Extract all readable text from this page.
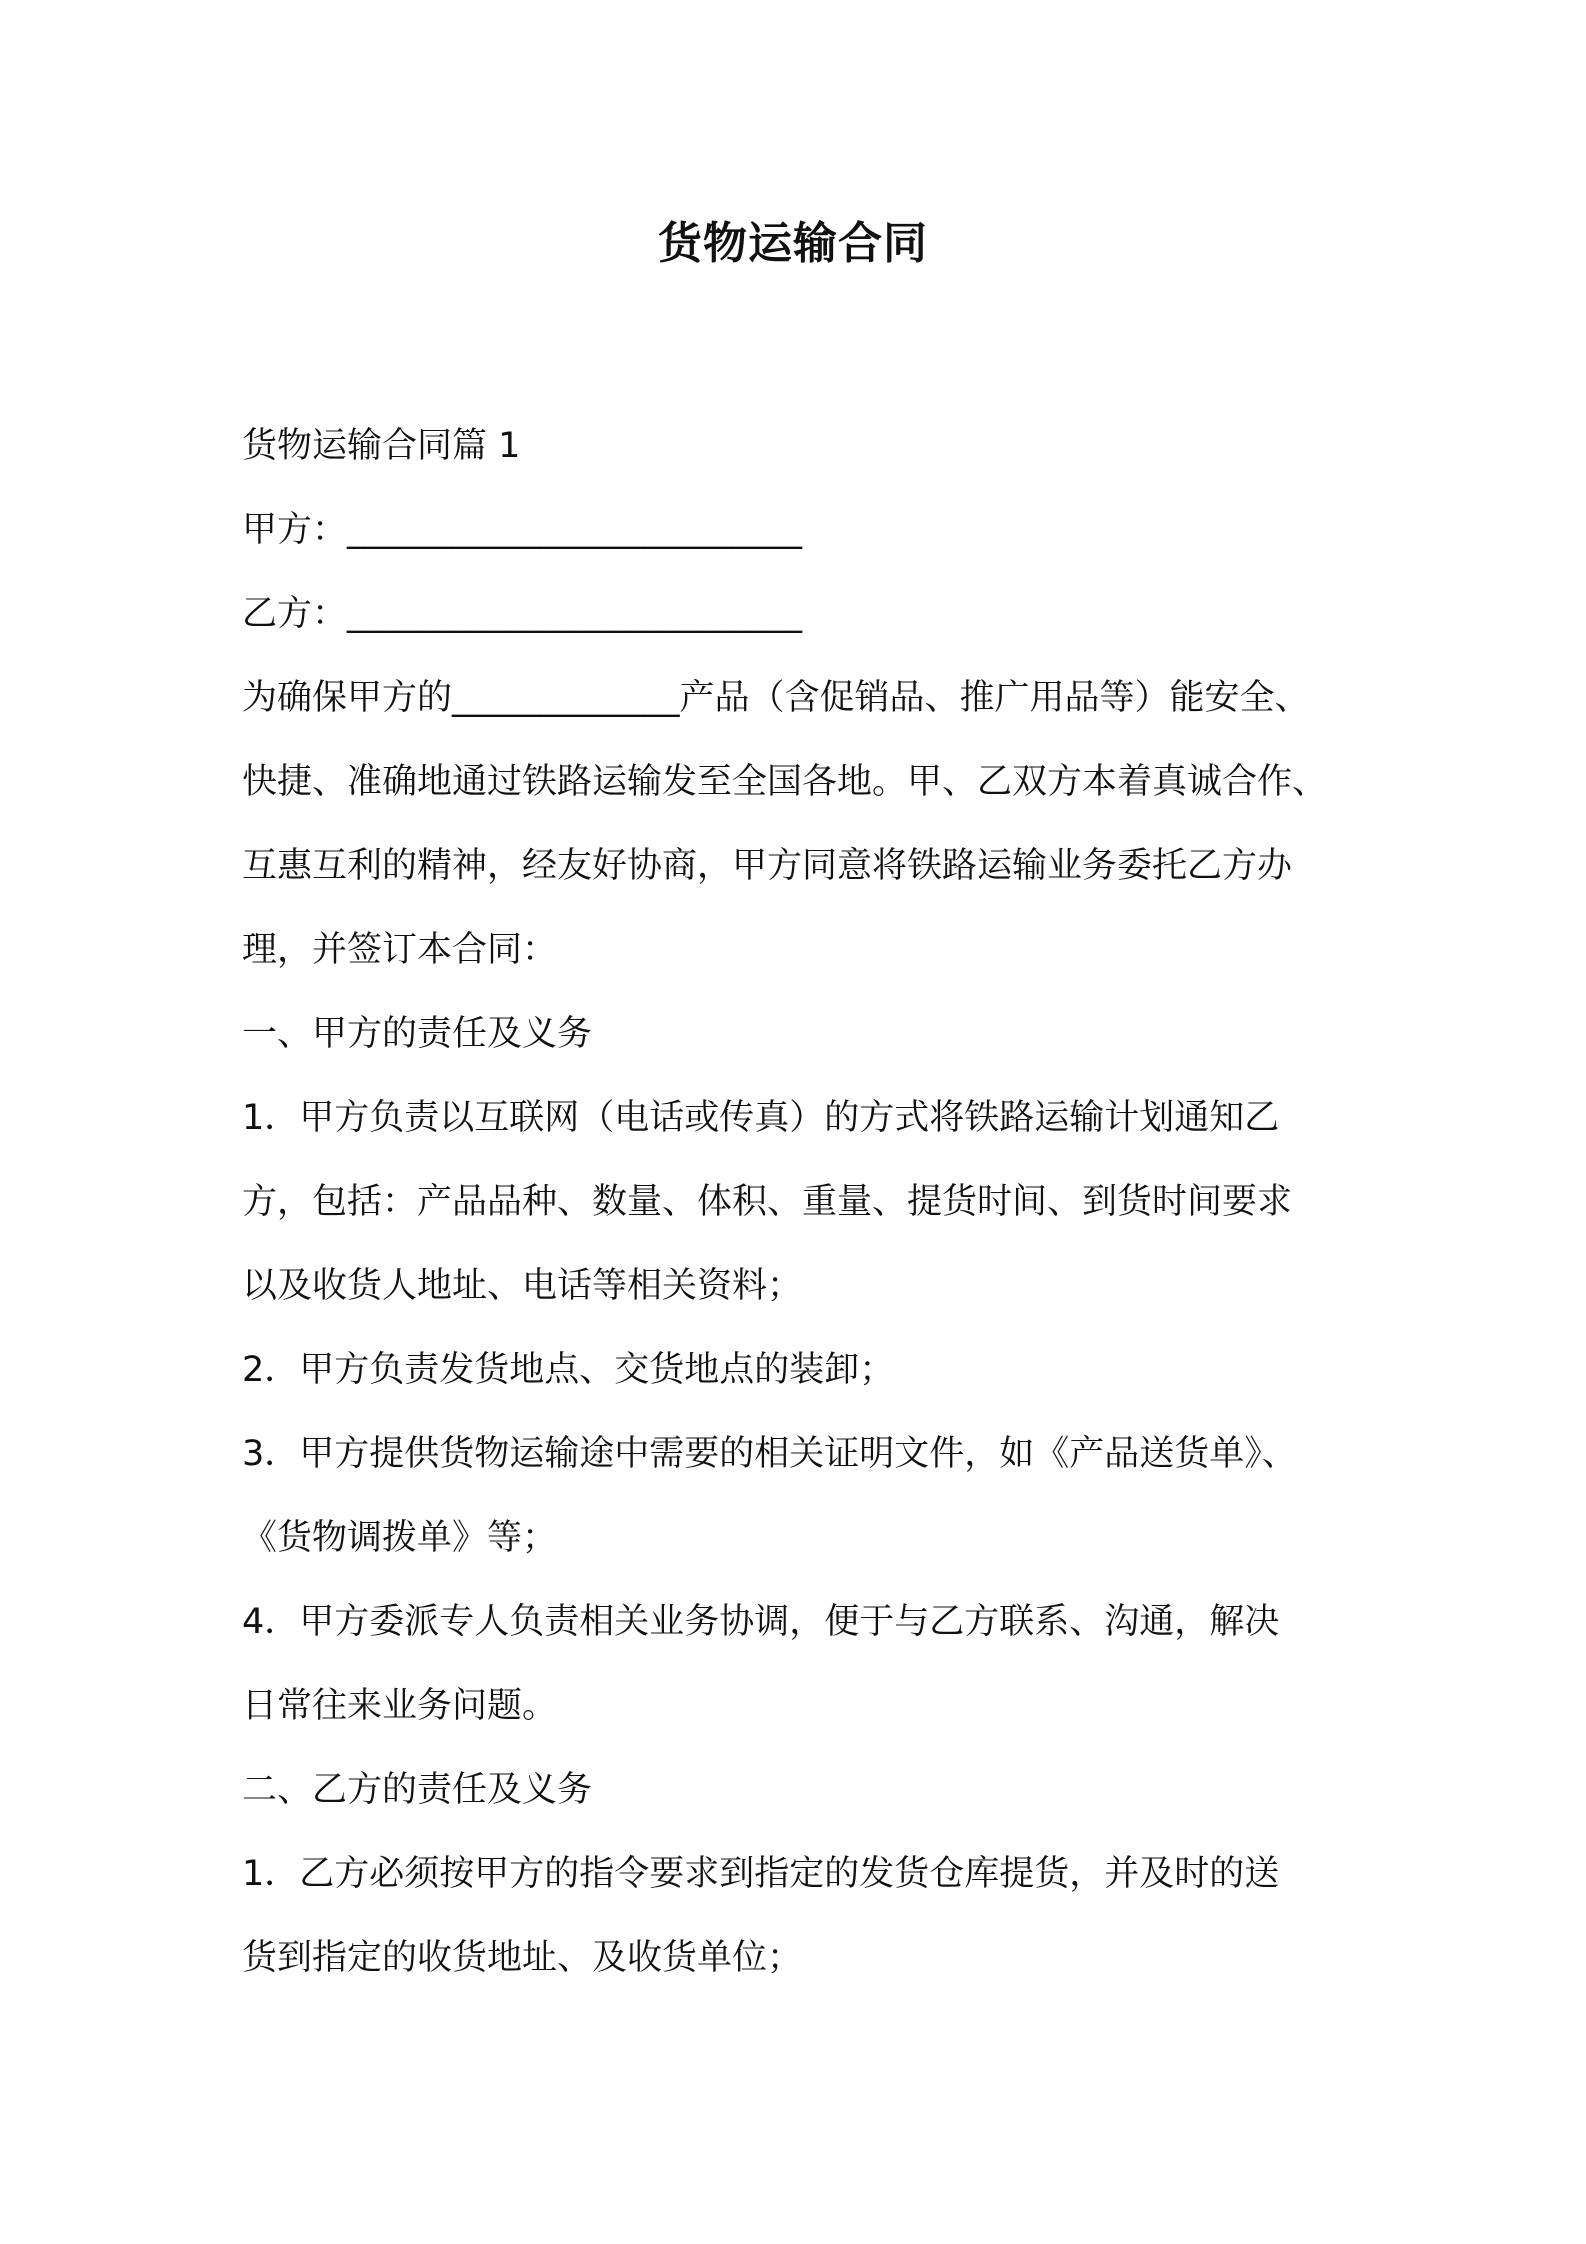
货物运输合同
货物运输合同篇 1
甲方：__________________________
乙方：__________________________
为确保甲方的_____________产品（含促销品、推广用品等）能安全、
快捷、准确地通过铁路运输发至全国各地。甲、乙双方本着真诚合作、
互惠互利的精神，经友好协商，甲方同意将铁路运输业务委托乙方办
理，并签订本合同：
一、甲方的责任及义务
1．甲方负责以互联网（电话或传真）的方式将铁路运输计划通知乙
方，包括：产品品种、数量、体积、重量、提货时间、到货时间要求
以及收货人地址、电话等相关资料；
2．甲方负责发货地点、交货地点的装卸；
3．甲方提供货物运输途中需要的相关证明文件，如《产品送货单》、
《货物调拨单》等；
4．甲方委派专人负责相关业务协调，便于与乙方联系、沟通，解决
日常往来业务问题。
二、乙方的责任及义务
1．乙方必须按甲方的指令要求到指定的发货仓库提货，并及时的送
货到指定的收货地址、及收货单位；
